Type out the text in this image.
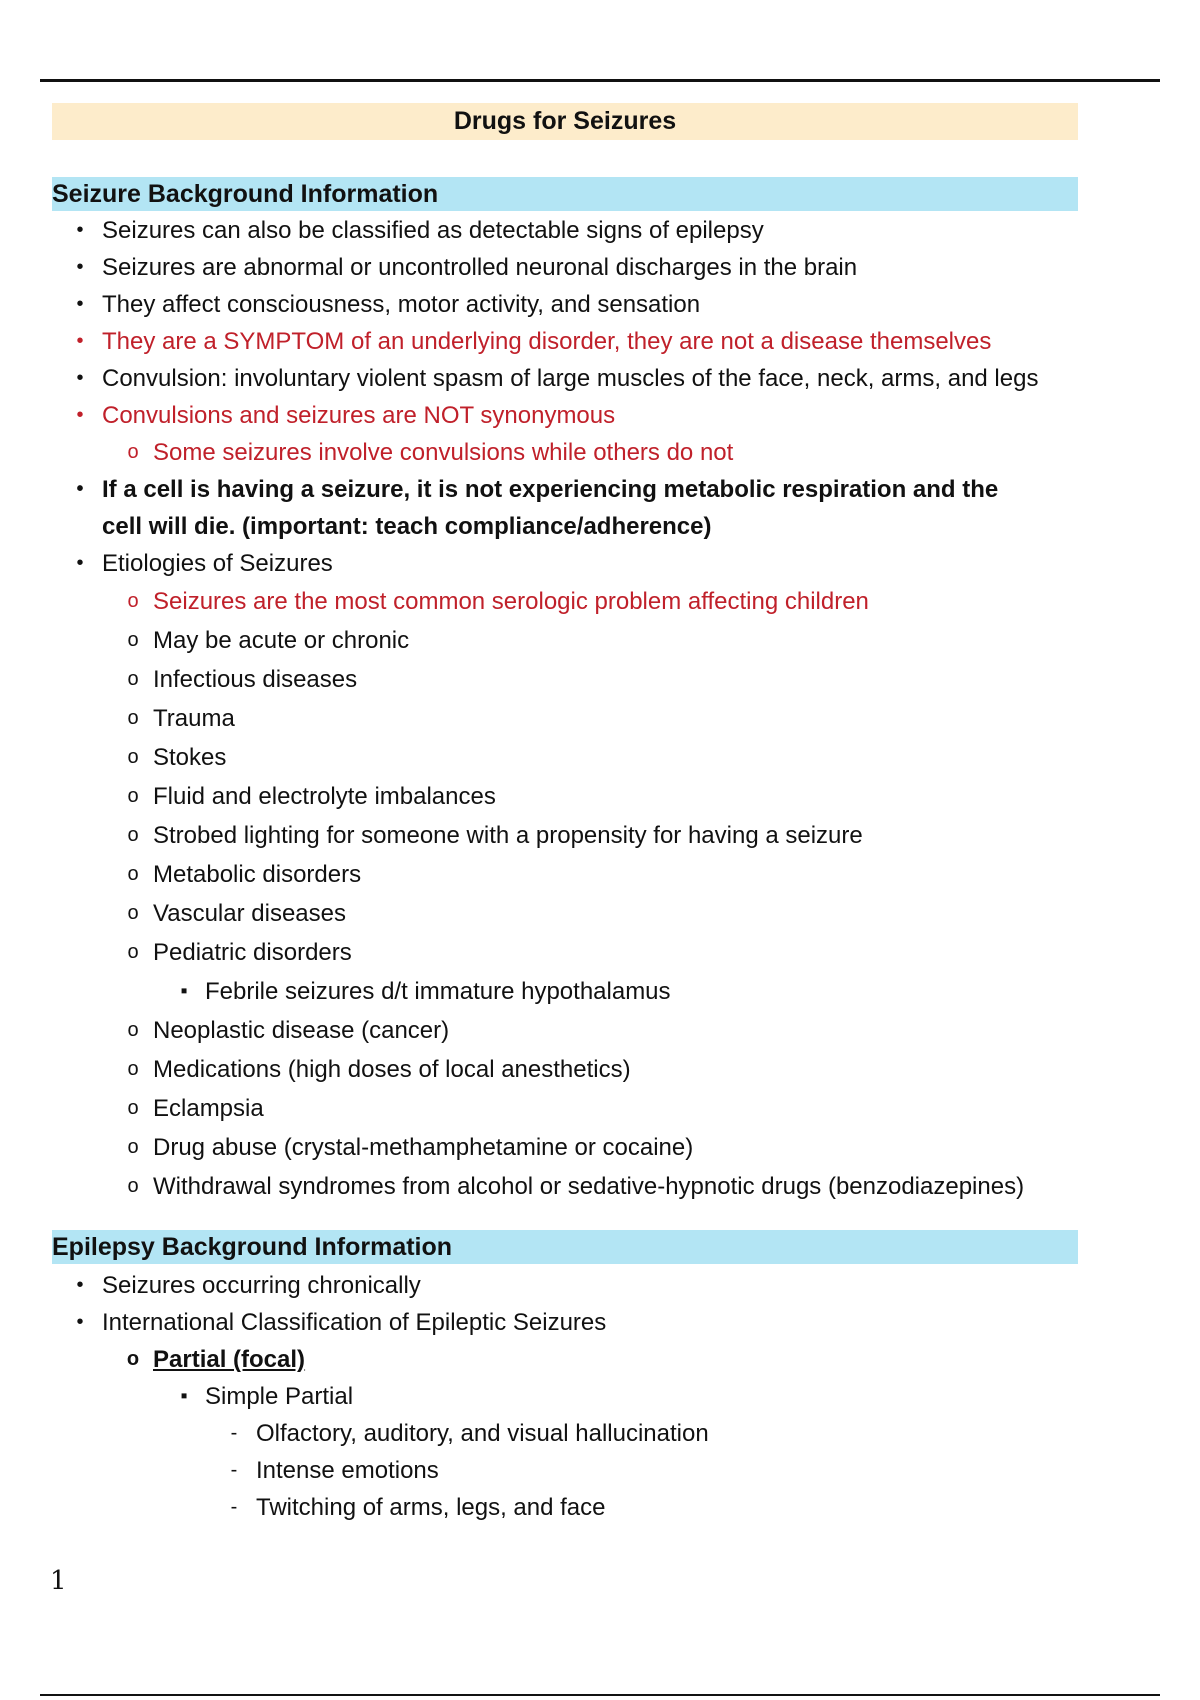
Drugs for Seizures
Seizure Background Information
• Seizures can also be classified as detectable signs of epilepsy
• Seizures are abnormal or uncontrolled neuronal discharges in the brain
• They affect consciousness, motor activity, and sensation
• They are a SYMPTOM of an underlying disorder, they are not a disease themselves
• Convulsion: involuntary violent spasm of large muscles of the face, neck, arms, and legs
• Convulsions and seizures are NOT synonymous
o Some seizures involve convulsions while others do not
• If a cell is having a seizure, it is not experiencing metabolic respiration and the cell will die. (important: teach compliance/adherence)
• Etiologies of Seizures
o Seizures are the most common serologic problem affecting children
o May be acute or chronic
o Infectious diseases
o Trauma
o Stokes
o Fluid and electrolyte imbalances
o Strobed lighting for someone with a propensity for having a seizure
o Metabolic disorders
o Vascular diseases
o Pediatric disorders
▪ Febrile seizures d/t immature hypothalamus
o Neoplastic disease (cancer)
o Medications (high doses of local anesthetics)
o Eclampsia
o Drug abuse (crystal-methamphetamine or cocaine)
o Withdrawal syndromes from alcohol or sedative-hypnotic drugs (benzodiazepines)
Epilepsy Background Information
• Seizures occurring chronically
• International Classification of Epileptic Seizures
o Partial (focal)
▪ Simple Partial
- Olfactory, auditory, and visual hallucination
- Intense emotions
- Twitching of arms, legs, and face
1
